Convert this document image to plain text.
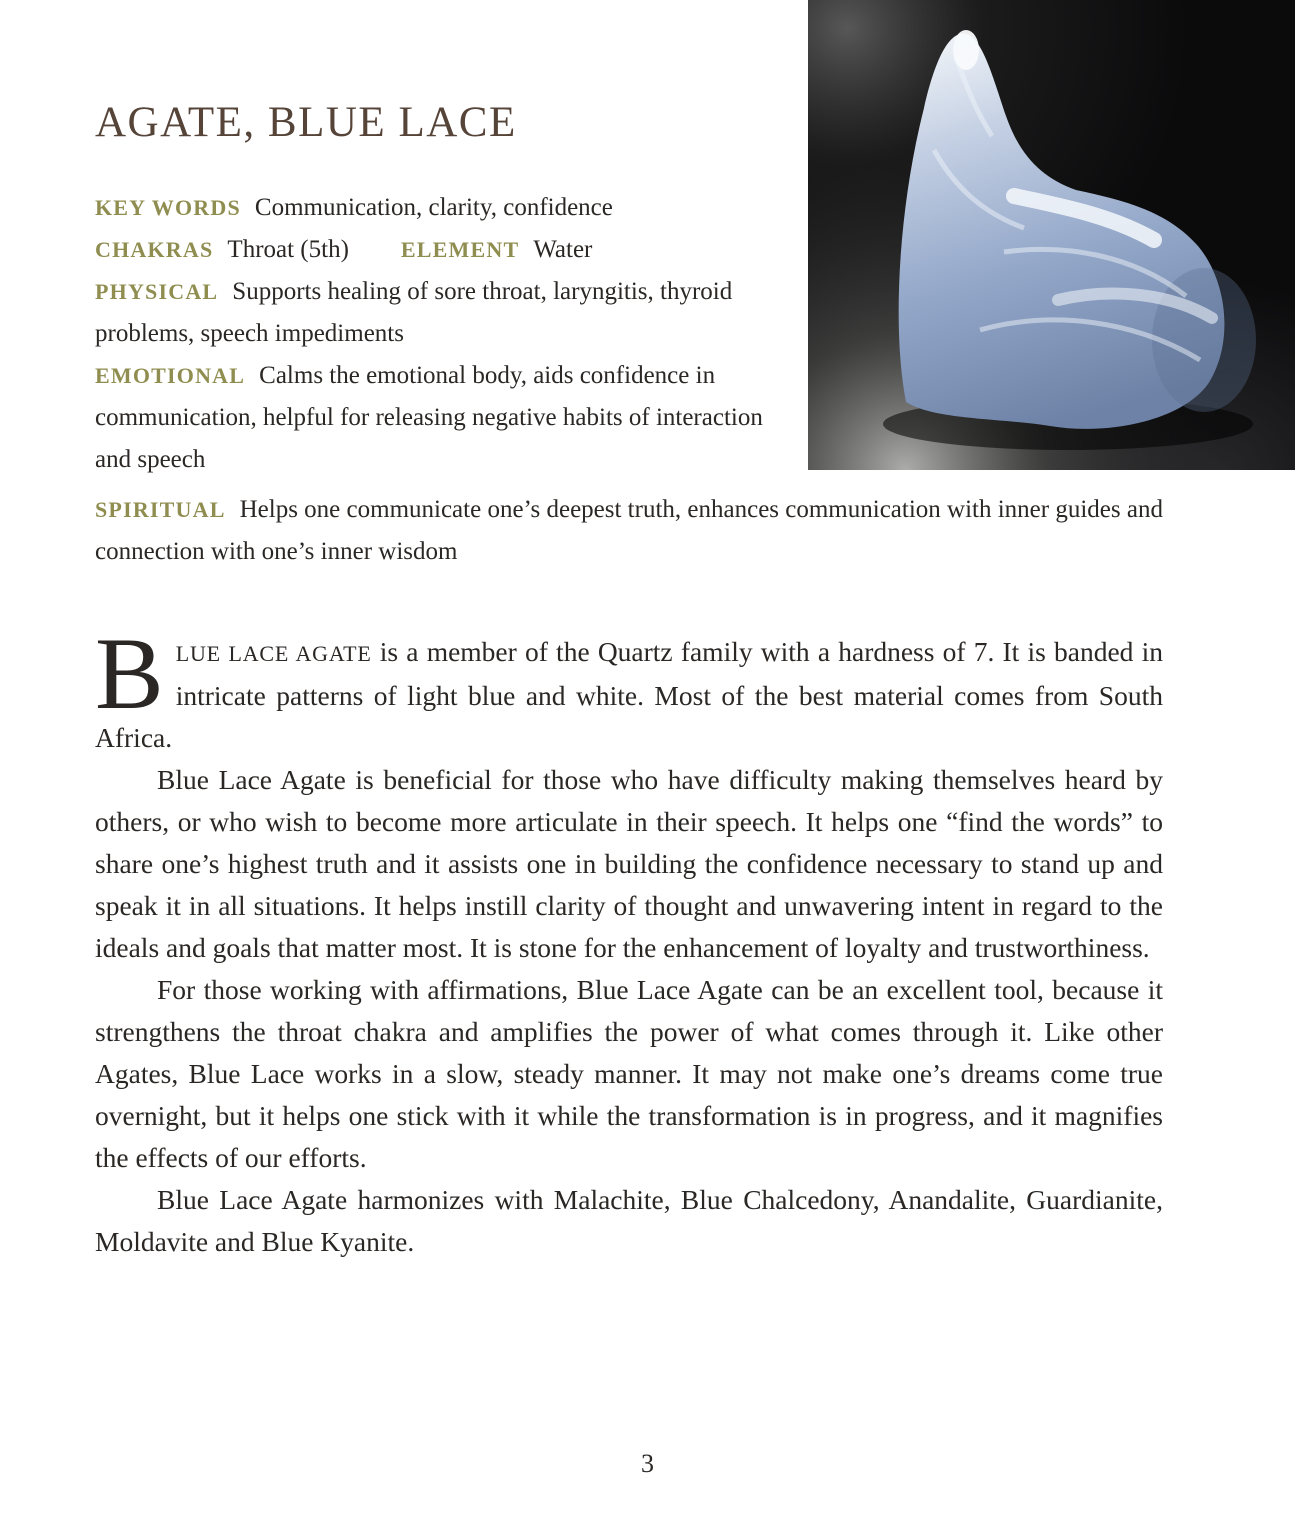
AGATE, BLUE LACE

KEY WORDS Communication, clarity, confidence

CHAKRAS Throat (5th) ELEMENT Water

PHYSICAL Supports healing of sore throat, laryngitis, thyroid problems, speech impediments

EMOTIONAL Calms the emotional body, aids confidence in communication, helpful for releasing negative habits of interaction and speech

SPIRITUAL Helps one communicate one’s deepest truth, enhances communication with inner guides and connection with one’s inner wisdom

BLUE LACE AGATE is a member of the Quartz family with a hardness of 7. It is banded in intricate patterns of light blue and white. Most of the best material comes from South Africa.

Blue Lace Agate is beneficial for those who have difficulty making themselves heard by others, or who wish to become more articulate in their speech. It helps one “find the words” to share one’s highest truth and it assists one in building the confidence necessary to stand up and speak it in all situations. It helps instill clarity of thought and unwavering intent in regard to the ideals and goals that matter most. It is stone for the enhancement of loyalty and trustworthiness.

For those working with affirmations, Blue Lace Agate can be an excellent tool, because it strengthens the throat chakra and amplifies the power of what comes through it. Like other Agates, Blue Lace works in a slow, steady manner. It may not make one’s dreams come true overnight, but it helps one stick with it while the transformation is in progress, and it magnifies the effects of our efforts.

Blue Lace Agate harmonizes with Malachite, Blue Chalcedony, Anandalite, Guardianite, Moldavite and Blue Kyanite.

3
